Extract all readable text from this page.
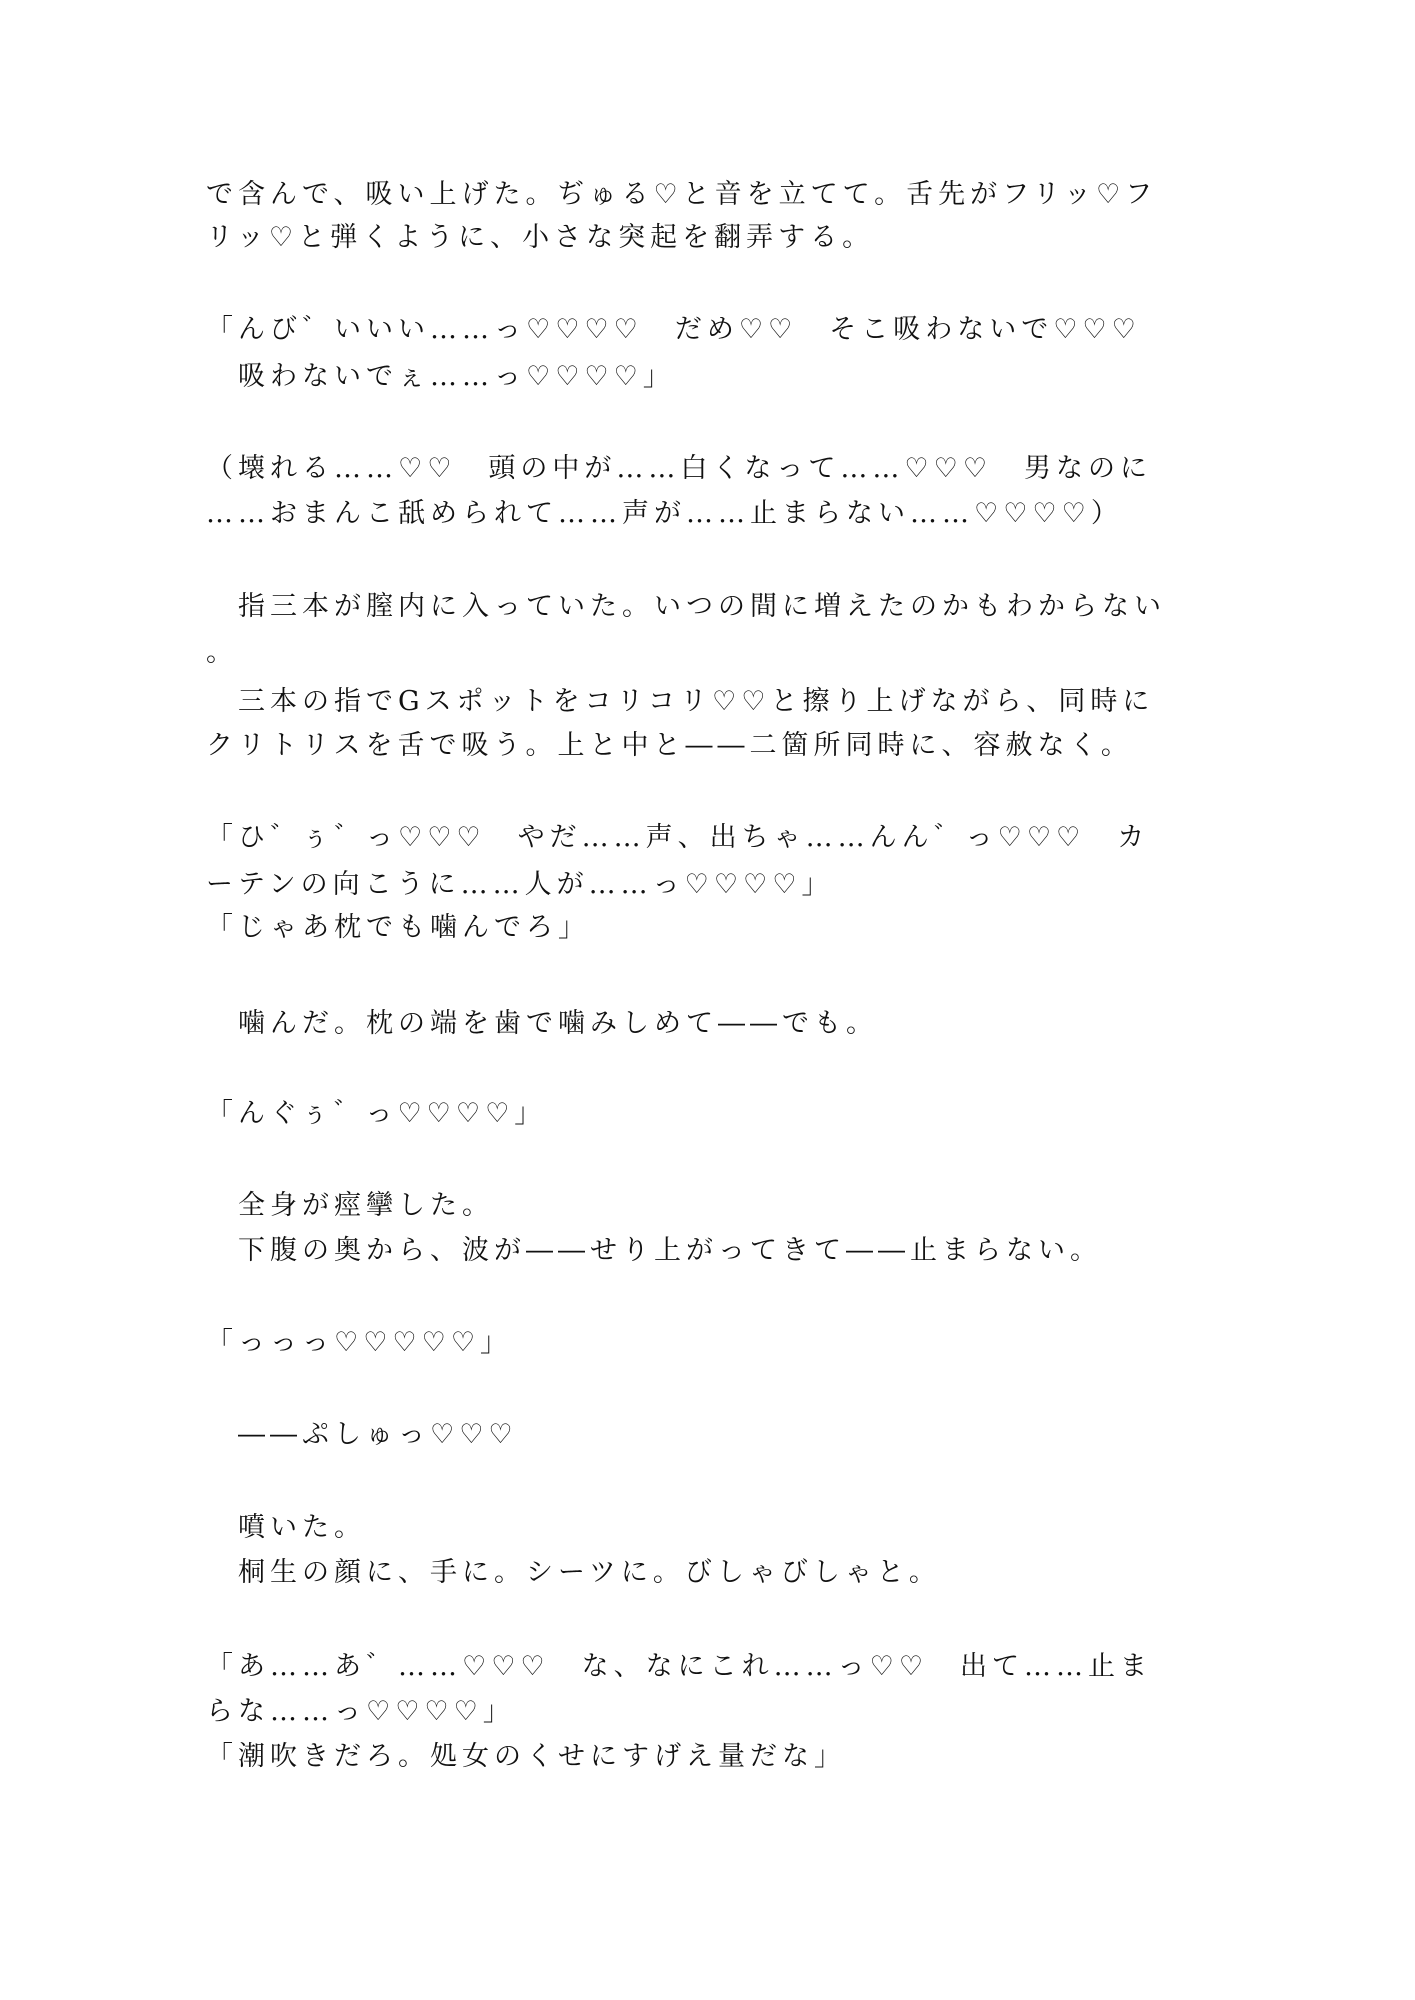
で含んで、吸い上げた。ぢゅる♡と音を立てて。舌先がフリッ♡フ
リッ♡と弾くように、小さな突起を翻弄する。
「んび゛いいい……っ♡♡♡♡　だめ♡♡　そこ吸わないで♡♡♡
　吸わないでぇ……っ♡♡♡♡」
（壊れる……♡♡　頭の中が……白くなって……♡♡♡　男なのに
……おまんこ舐められて……声が……止まらない……♡♡♡♡）
　指三本が膣内に入っていた。いつの間に増えたのかもわからない
。
　三本の指でGスポットをコリコリ♡♡と擦り上げながら、同時に
クリトリスを舌で吸う。上と中と――二箇所同時に、容赦なく。
「ひ゛ぅ゛っ♡♡♡　やだ……声、出ちゃ……んん゛っ♡♡♡　カ
ーテンの向こうに……人が……っ♡♡♡♡」
「じゃあ枕でも噛んでろ」
　噛んだ。枕の端を歯で噛みしめて――でも。
「んぐぅ゛っ♡♡♡♡」
　全身が痙攣した。
　下腹の奥から、波が――せり上がってきて――止まらない。
「っっっ♡♡♡♡♡」
　――ぷしゅっ♡♡♡
　噴いた。
　桐生の顔に、手に。シーツに。びしゃびしゃと。
「あ……あ゛……♡♡♡　な、なにこれ……っ♡♡　出て……止ま
らな……っ♡♡♡♡」
「潮吹きだろ。処女のくせにすげえ量だな」
